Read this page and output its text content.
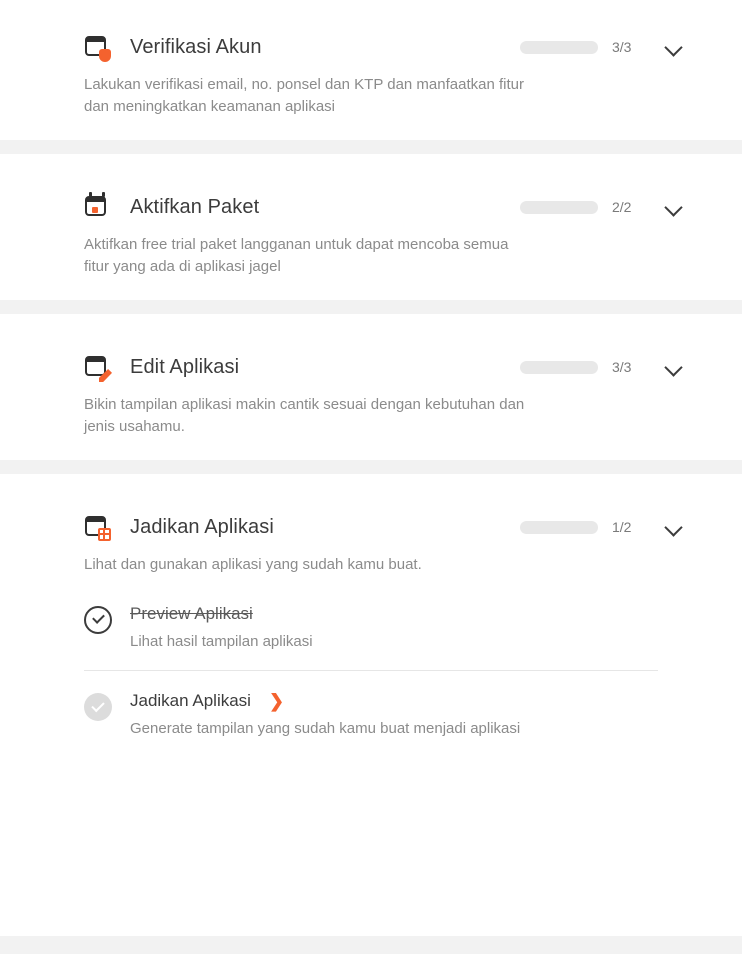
Verifikasi Akun	3/3
Lakukan verifikasi email, no. ponsel dan KTP dan manfaatkan fitur dan meningkatkan keamanan aplikasi
Aktifkan Paket	2/2
Aktifkan free trial paket langganan untuk dapat mencoba semua fitur yang ada di aplikasi jagel
Edit Aplikasi	3/3
Bikin tampilan aplikasi makin cantik sesuai dengan kebutuhan dan jenis usahamu.
Jadikan Aplikasi	1/2
Lihat dan gunakan aplikasi yang sudah kamu buat.
Preview Aplikasi
Lihat hasil tampilan aplikasi
Jadikan Aplikasi ❯
Generate tampilan yang sudah kamu buat menjadi aplikasi
